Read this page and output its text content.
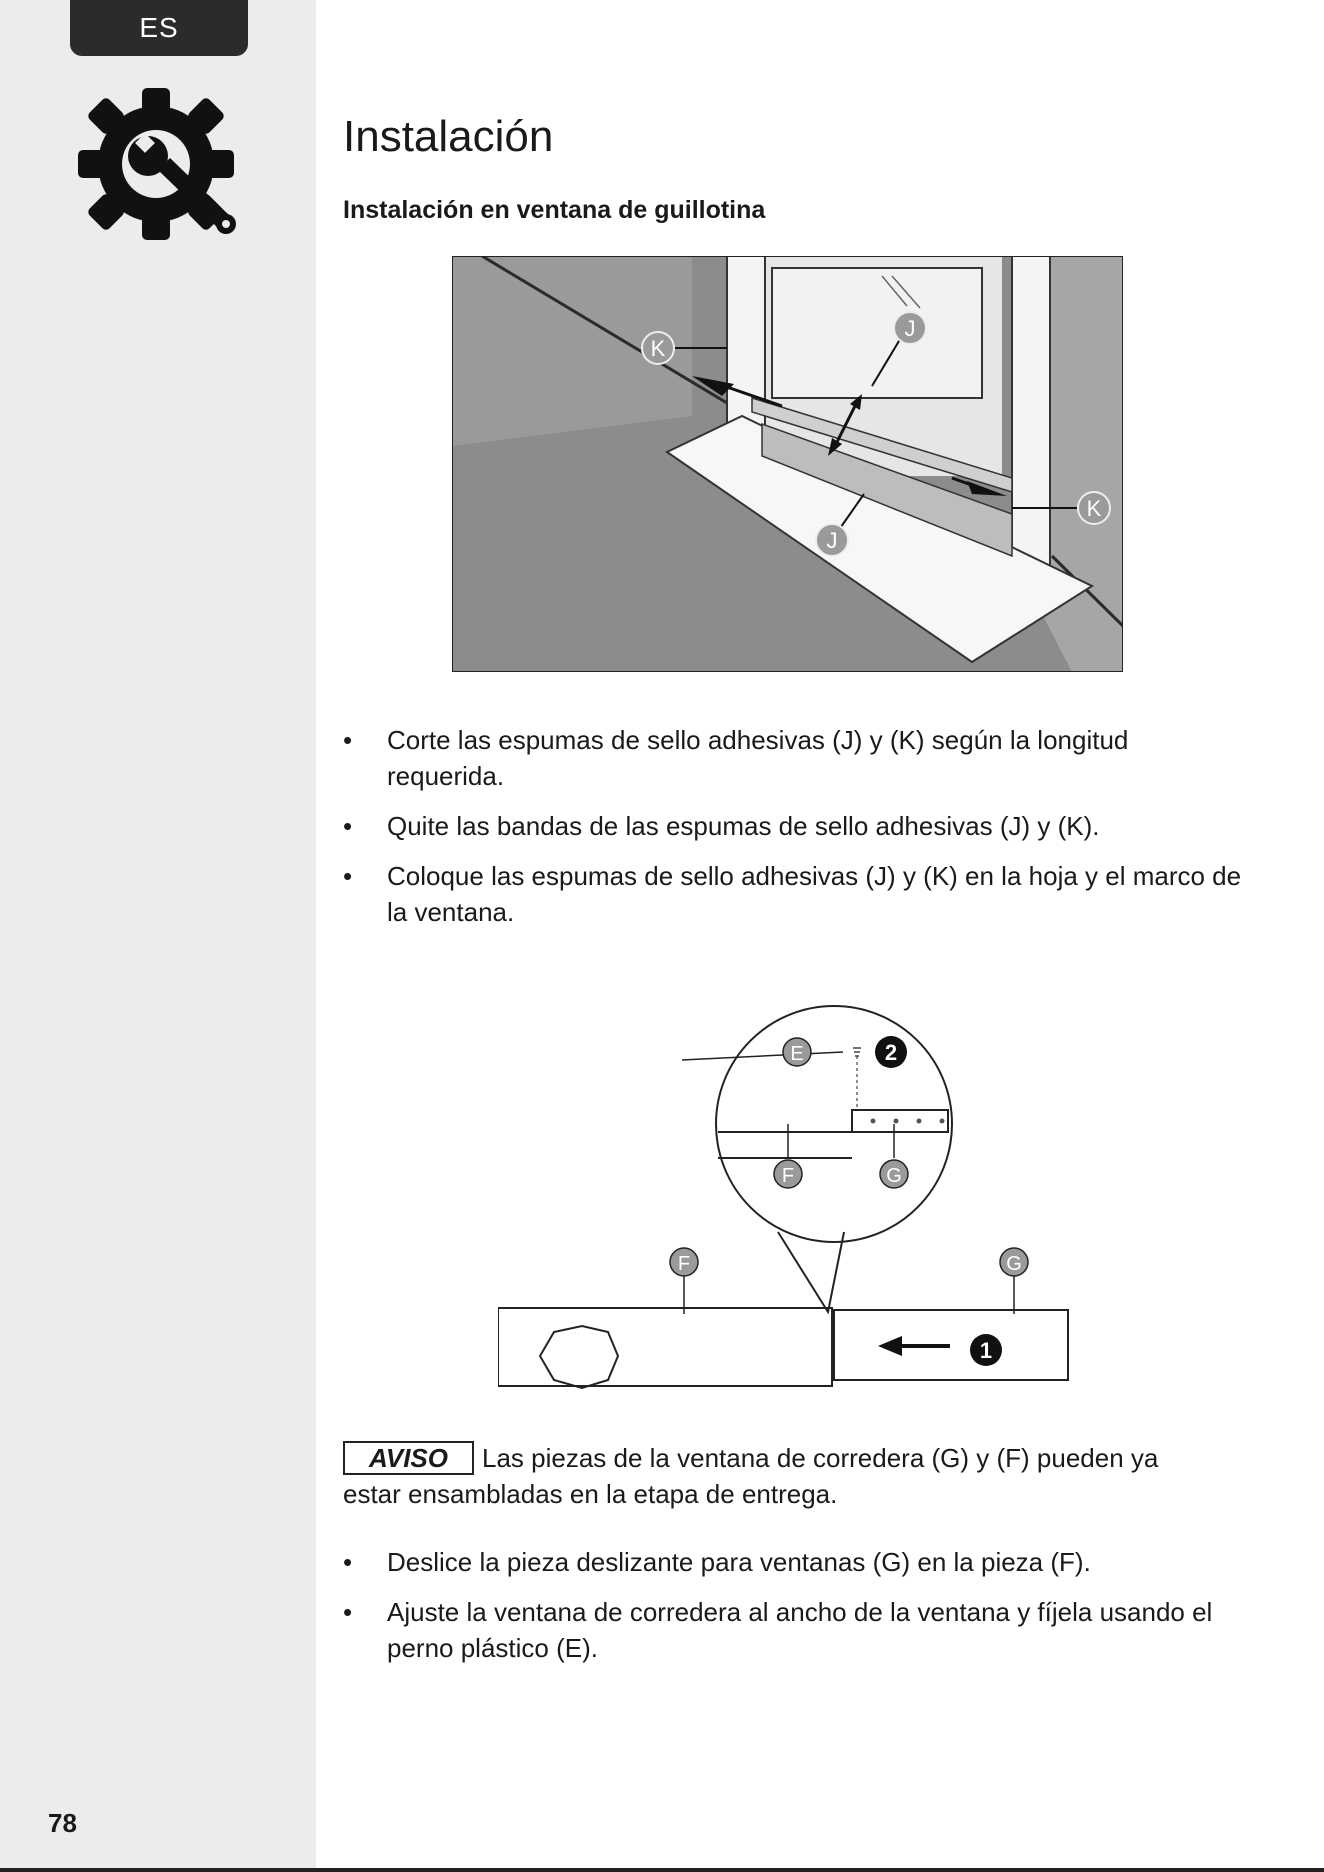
ES
78
Instalación
Instalación en ventana de guillotina
K
J
K
J
• Corte las espumas de sello adhesivas (J) y (K) según la longitud requerida.
• Quite las bandas de las espumas de sello adhesivas (J) y (K).
• Coloque las espumas de sello adhesivas (J) y (K) en la hoja y el marco de la ventana.
E	2
F	G
F	G
1
AVISO Las piezas de la ventana de corredera (G) y (F) pueden ya estar ensambladas en la etapa de entrega.
• Deslice la pieza deslizante para ventanas (G) en la pieza (F).
• Ajuste la ventana de corredera al ancho de la ventana y fíjela usando el perno plástico (E).
